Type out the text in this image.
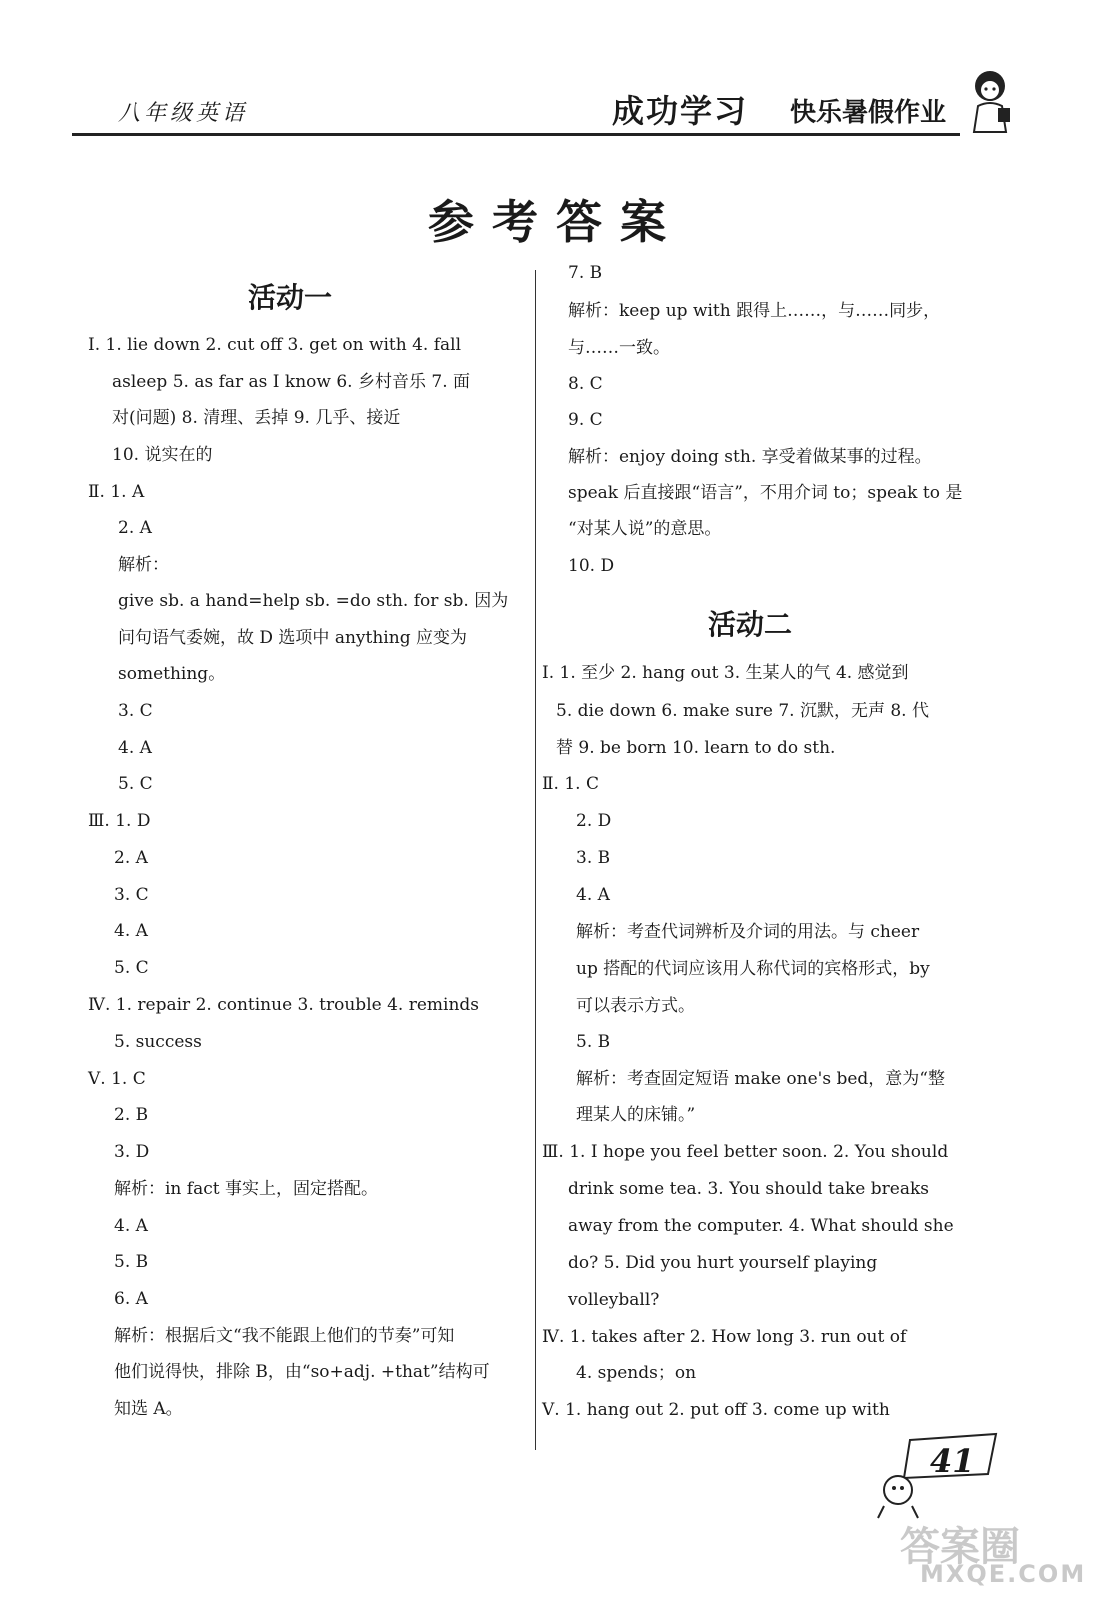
八年级英语	成功学习 快乐暑假作业
参考答案
活动一
Ⅰ. 1. lie down 2. cut off 3. get on with 4. fall
asleep 5. as far as I know 6. 乡村音乐 7. 面
对(问题) 8. 清理、丢掉 9. 几乎、接近
10. 说实在的
Ⅱ. 1. A
2. A
解析：
give sb. a hand=help sb. =do sth. for sb. 因为
问句语气委婉，故 D 选项中 anything 应变为
something。
3. C
4. A
5. C
Ⅲ. 1. D
2. A
3. C
4. A
5. C
Ⅳ. 1. repair 2. continue 3. trouble 4. reminds
5. success
Ⅴ. 1. C
2. B
3. D
解析：in fact 事实上，固定搭配。
4. A
5. B
6. A
解析：根据后文“我不能跟上他们的节奏”可知
他们说得快，排除 B，由“so+adj. +that”结构可
知选 A。
活动二
7. B
解析：keep up with 跟得上……，与……同步，
与……一致。
8. C
9. C
解析：enjoy doing sth. 享受着做某事的过程。
speak 后直接跟“语言”，不用介词 to；speak to 是
“对某人说”的意思。
10. D
Ⅰ. 1. 至少 2. hang out 3. 生某人的气 4. 感觉到
5. die down 6. make sure 7. 沉默，无声 8. 代
替 9. be born 10. learn to do sth.
Ⅱ. 1. C
2. D
3. B
4. A
解析：考查代词辨析及介词的用法。与 cheer
up 搭配的代词应该用人称代词的宾格形式，by
可以表示方式。
5. B
解析：考查固定短语 make one's bed，意为“整
理某人的床铺。”
Ⅲ. 1. I hope you feel better soon. 2. You should
drink some tea. 3. You should take breaks
away from the computer. 4. What should she
do? 5. Did you hurt yourself playing
volleyball?
Ⅳ. 1. takes after 2. How long 3. run out of
4. spends；on
Ⅴ. 1. hang out 2. put off 3. come up with
41
答案圈
MXQE.COM
